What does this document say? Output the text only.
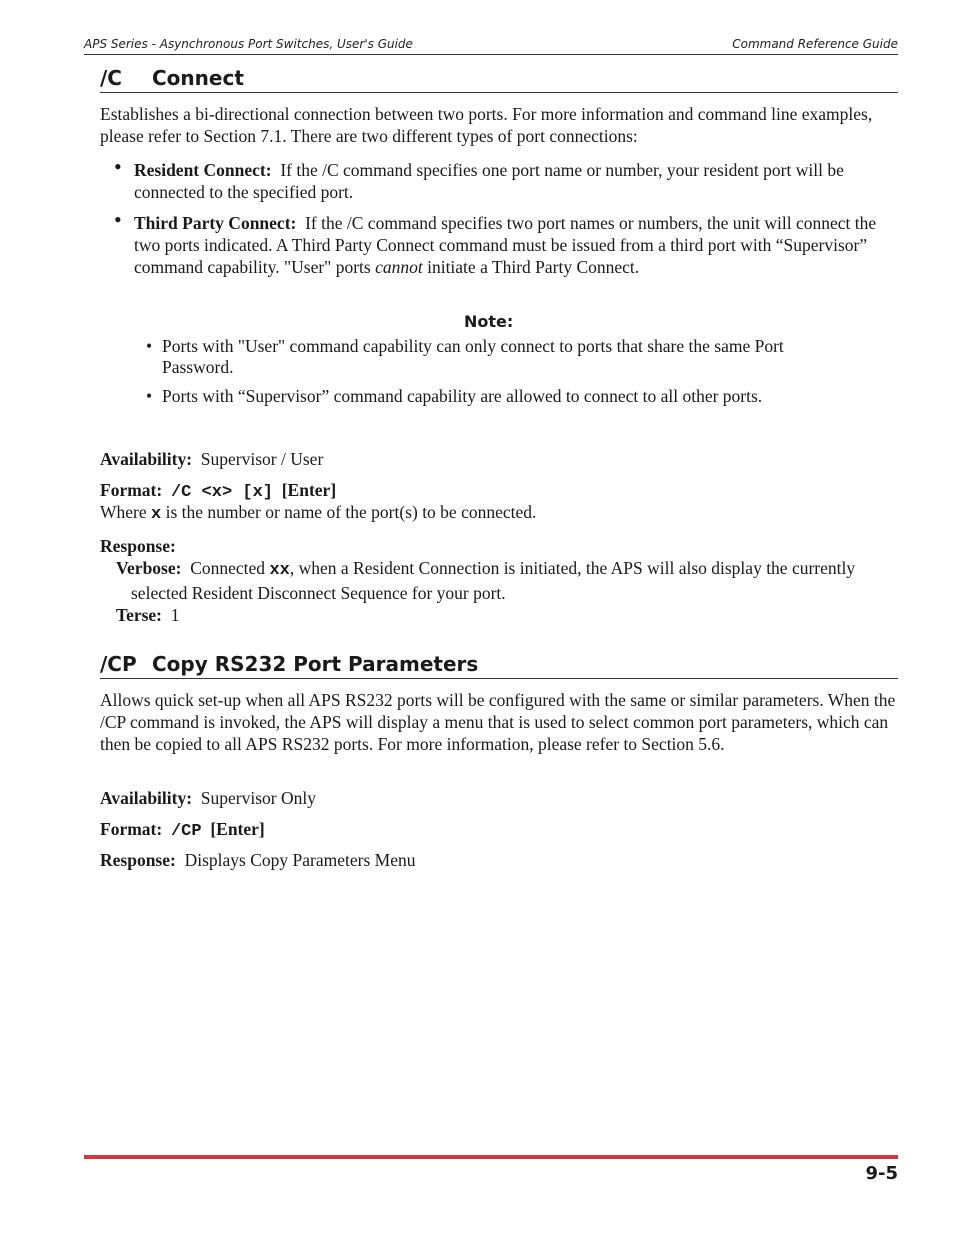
APS Series - Asynchronous Port Switches, User's Guide	Command Reference Guide
/C Connect
Establishes a bi-directional connection between two ports. For more information and command line examples, please refer to Section 7.1. There are two different types of port connections:
• Resident Connect: If the /C command specifies one port name or number, your resident port will be connected to the specified port.
• Third Party Connect: If the /C command specifies two port names or numbers, the unit will connect the two ports indicated. A Third Party Connect command must be issued from a third port with “Supervisor” command capability. "User" ports cannot initiate a Third Party Connect.
Note:
• Ports with "User" command capability can only connect to ports that share the same Port Password.
• Ports with “Supervisor” command capability are allowed to connect to all other ports.
Availability: Supervisor / User
Format: /C <x> [x] [Enter]
Where x is the number or name of the port(s) to be connected.
Response:
Verbose: Connected xx, when a Resident Connection is initiated, the APS will also display the currently selected Resident Disconnect Sequence for your port.
Terse: 1
/CP Copy RS232 Port Parameters
Allows quick set-up when all APS RS232 ports will be configured with the same or similar parameters. When the /CP command is invoked, the APS will display a menu that is used to select common port parameters, which can then be copied to all APS RS232 ports. For more information, please refer to Section 5.6.
Availability: Supervisor Only
Format: /CP [Enter]
Response: Displays Copy Parameters Menu
9-5
